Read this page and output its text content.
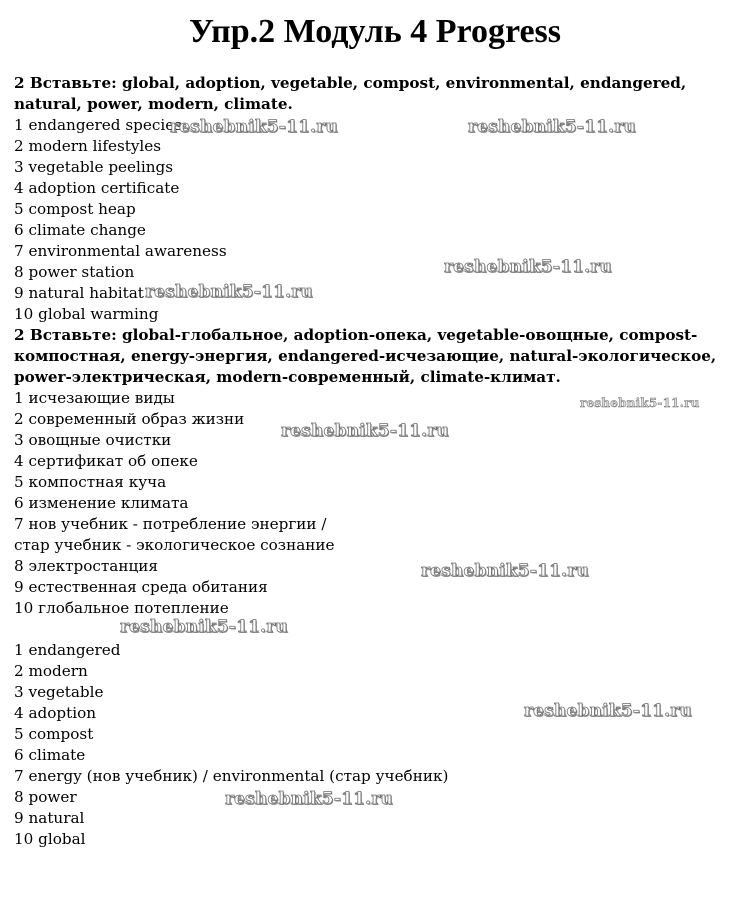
Упр.2 Модуль 4 Progress
2 Вставьте: global, adoption, vegetable, compost, environmental, endangered, natural, power, modern, climate.
1 endangered species
2 modern lifestyles
3 vegetable peelings
4 adoption certificate
5 compost heap
6 climate change
7 environmental awareness
8 power station
9 natural habitat
10 global warming
2 Вставьте: global-глобальное, adoption-опека, vegetable-овощные, compost-компостная, energy-энергия, endangered-исчезающие, natural-экологическое, power-электрическая, modern-современный, climate-климат.
1 исчезающие виды
2 современный образ жизни
3 овощные очистки
4 сертификат об опеке
5 компостная куча
6 изменение климата
7 нов учебник - потребление энергии /
стар учебник - экологическое сознание
8 электростанция
9 естественная среда обитания
10 глобальное потепление
1 endangered
2 modern
3 vegetable
4 adoption
5 compost
6 climate
7 energy (нов учебник) / environmental (стар учебник)
8 power
9 natural
10 global
reshebnik5-11.ru	reshebnik5-11.ru
reshebnik5-11.ru
reshebnik5-11.ru
reshebnik5-11.ru
reshebnik5-11.ru
reshebnik5-11.ru
reshebnik5-11.ru
reshebnik5-11.ru
reshebnik5-11.ru
